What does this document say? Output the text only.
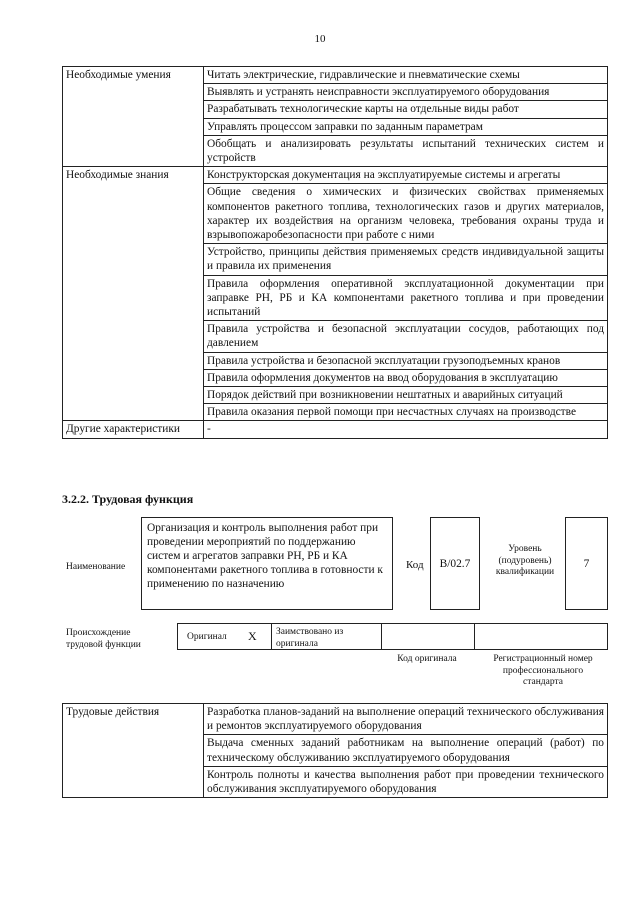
10
Необходимые умения	Читать электрические, гидравлические и пневматические схемы
	Выявлять и устранять неисправности эксплуатируемого оборудования
	Разрабатывать технологические карты на отдельные виды работ
	Управлять процессом заправки по заданным параметрам
	Обобщать и анализировать результаты испытаний технических систем и устройств
Необходимые знания	Конструкторская документация на эксплуатируемые системы и агрегаты
	Общие сведения о химических и физических свойствах применяемых компонентов ракетного топлива, технологических газов и других материалов, характер их воздействия на организм человека, требования охраны труда и взрывопожаробезопасности при работе с ними
	Устройство, принципы действия применяемых средств индивидуальной защиты и правила их применения
	Правила оформления оперативной эксплуатационной документации при заправке РН, РБ и КА компонентами ракетного топлива и при проведении испытаний
	Правила устройства и безопасной эксплуатации сосудов, работающих под давлением
	Правила устройства и безопасной эксплуатации грузоподъемных кранов
	Правила оформления документов на ввод оборудования в эксплуатацию
	Порядок действий при возникновении нештатных и аварийных ситуаций
	Правила оказания первой помощи при несчастных случаях на производстве
Другие характеристики	-
3.2.2. Трудовая функция
Наименование
Организация и контроль выполнения работ при проведении мероприятий по поддержанию систем и агрегатов заправки РН, РБ и КА компонентами ракетного топлива в готовности к применению по назначению
Код В/02.7
Уровень (подуровень) квалификации
7
Происхождение трудовой функции
Оригинал X Заимствовано из оригинала
Код оригинала	Регистрационный номер профессионального стандарта
Трудовые действия	Разработка планов-заданий на выполнение операций технического обслуживания и ремонтов эксплуатируемого оборудования
Выдача сменных заданий работникам на выполнение операций (работ) по техническому обслуживанию эксплуатируемого оборудования
Контроль полноты и качества выполнения работ при проведении технического обслуживания эксплуатируемого оборудования
